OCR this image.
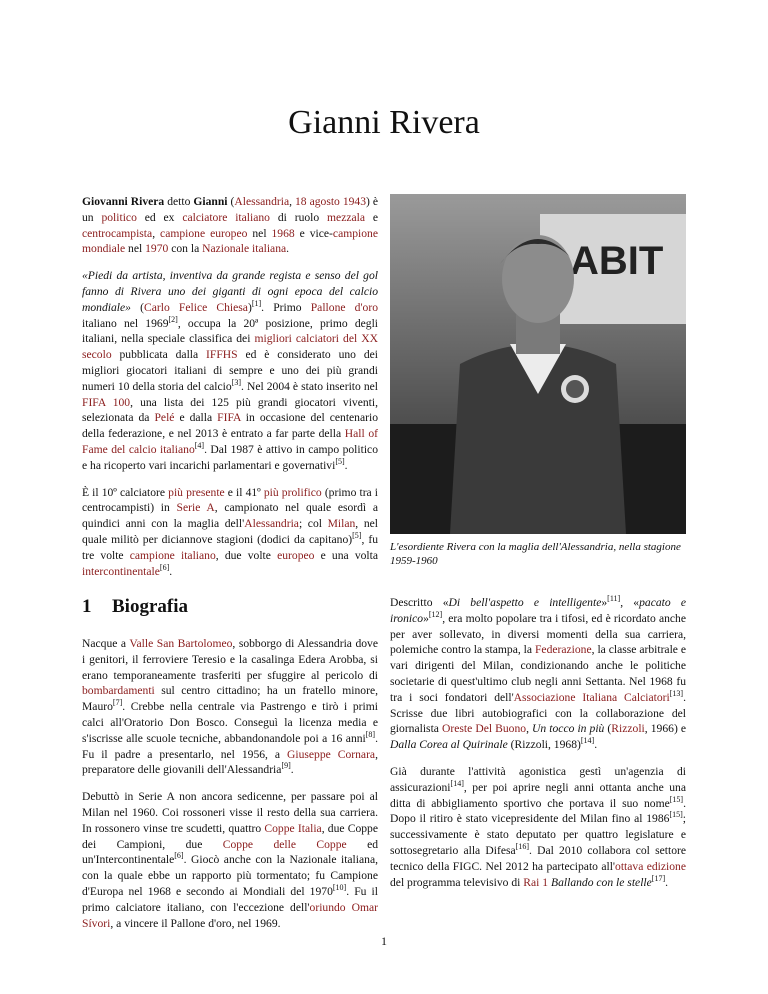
Gianni Rivera

Giovanni Rivera detto Gianni (Alessandria, 18 agosto 1943) è un politico ed ex calciatore italiano di ruolo mezzala e centrocampista, campione europeo nel 1968 e vice-campione mondiale nel 1970 con la Nazionale italiana.

«Piedi da artista, inventiva da grande regista e senso del gol fanno di Rivera uno dei giganti di ogni epoca del calcio mondiale» (Carlo Felice Chiesa)[1]. Primo Pallone d'oro italiano nel 1969[2], occupa la 20ª posizione, primo degli italiani, nella speciale classifica dei migliori calciatori del XX secolo pubblicata dalla IFFHS ed è considerato uno dei migliori giocatori italiani di sempre e uno dei più grandi numeri 10 della storia del calcio[3]. Nel 2004 è stato inserito nel FIFA 100, una lista dei 125 più grandi giocatori viventi, selezionata da Pelé e dalla FIFA in occasione del centenario della federazione, e nel 2013 è entrato a far parte della Hall of Fame del calcio italiano[4]. Dal 1987 è attivo in campo politico e ha ricoperto vari incarichi parlamentari e governativi[5].

È il 10º calciatore più presente e il 41º più prolifico (primo tra i centrocampisti) in Serie A, campionato nel quale esordì a quindici anni con la maglia dell'Alessandria; col Milan, nel quale militò per diciannove stagioni (dodici da capitano)[5], fu tre volte campione italiano, due volte europeo e una volta intercontinentale[6].

ABIT
L'esordiente Rivera con la maglia dell'Alessandria, nella stagione 1959-1960
1 Biografia

Nacque a Valle San Bartolomeo, sobborgo di Alessandria dove i genitori, il ferroviere Teresio e la casalinga Edera Arobba, si erano temporaneamente trasferiti per sfuggire al pericolo di bombardamenti sul centro cittadino; ha un fratello minore, Mauro[7]. Crebbe nella centrale via Pastrengo e tirò i primi calci all'Oratorio Don Bosco. Conseguì la licenza media e s'iscrisse alle scuole tecniche, abbandonandole poi a 16 anni[8]. Fu il padre a presentarlo, nel 1956, a Giuseppe Cornara, preparatore delle giovanili dell'Alessandria[9].

Debuttò in Serie A non ancora sedicenne, per passare poi al Milan nel 1960. Coi rossoneri visse il resto della sua carriera. In rossonero vinse tre scudetti, quattro Coppe Italia, due Coppe dei Campioni, due Coppe delle Coppe ed un'Intercontinentale[6]. Giocò anche con la Nazionale italiana, con la quale ebbe un rapporto più tormentato; fu Campione d'Europa nel 1968 e secondo ai Mondiali del 1970[10]. Fu il primo calciatore italiano, con l'eccezione dell'oriundo Omar Sívori, a vincere il Pallone d'oro, nel 1969.

Descritto «Di bell'aspetto e intelligente»[11], «pacato e ironico»[12], era molto popolare tra i tifosi, ed è ricordato anche per aver sollevato, in diversi momenti della sua carriera, polemiche contro la stampa, la Federazione, la classe arbitrale e vari dirigenti del Milan, condizionando anche le politiche societarie di quest'ultimo club negli anni Settanta. Nel 1968 fu tra i soci fondatori dell'Associazione Italiana Calciatori[13]. Scrisse due libri autobiografici con la collaborazione del giornalista Oreste Del Buono, Un tocco in più (Rizzoli, 1966) e Dalla Corea al Quirinale (Rizzoli, 1968)[14].

Già durante l'attività agonistica gestì un'agenzia di assicurazioni[14], per poi aprire negli anni ottanta anche una ditta di abbigliamento sportivo che portava il suo nome[15]. Dopo il ritiro è stato vicepresidente del Milan fino al 1986[15]; successivamente è stato deputato per quattro legislature e sottosegretario alla Difesa[16]. Dal 2010 collabora col settore tecnico della FIGC. Nel 2012 ha partecipato all'ottava edizione del programma televisivo di Rai 1 Ballando con le stelle[17].

1
